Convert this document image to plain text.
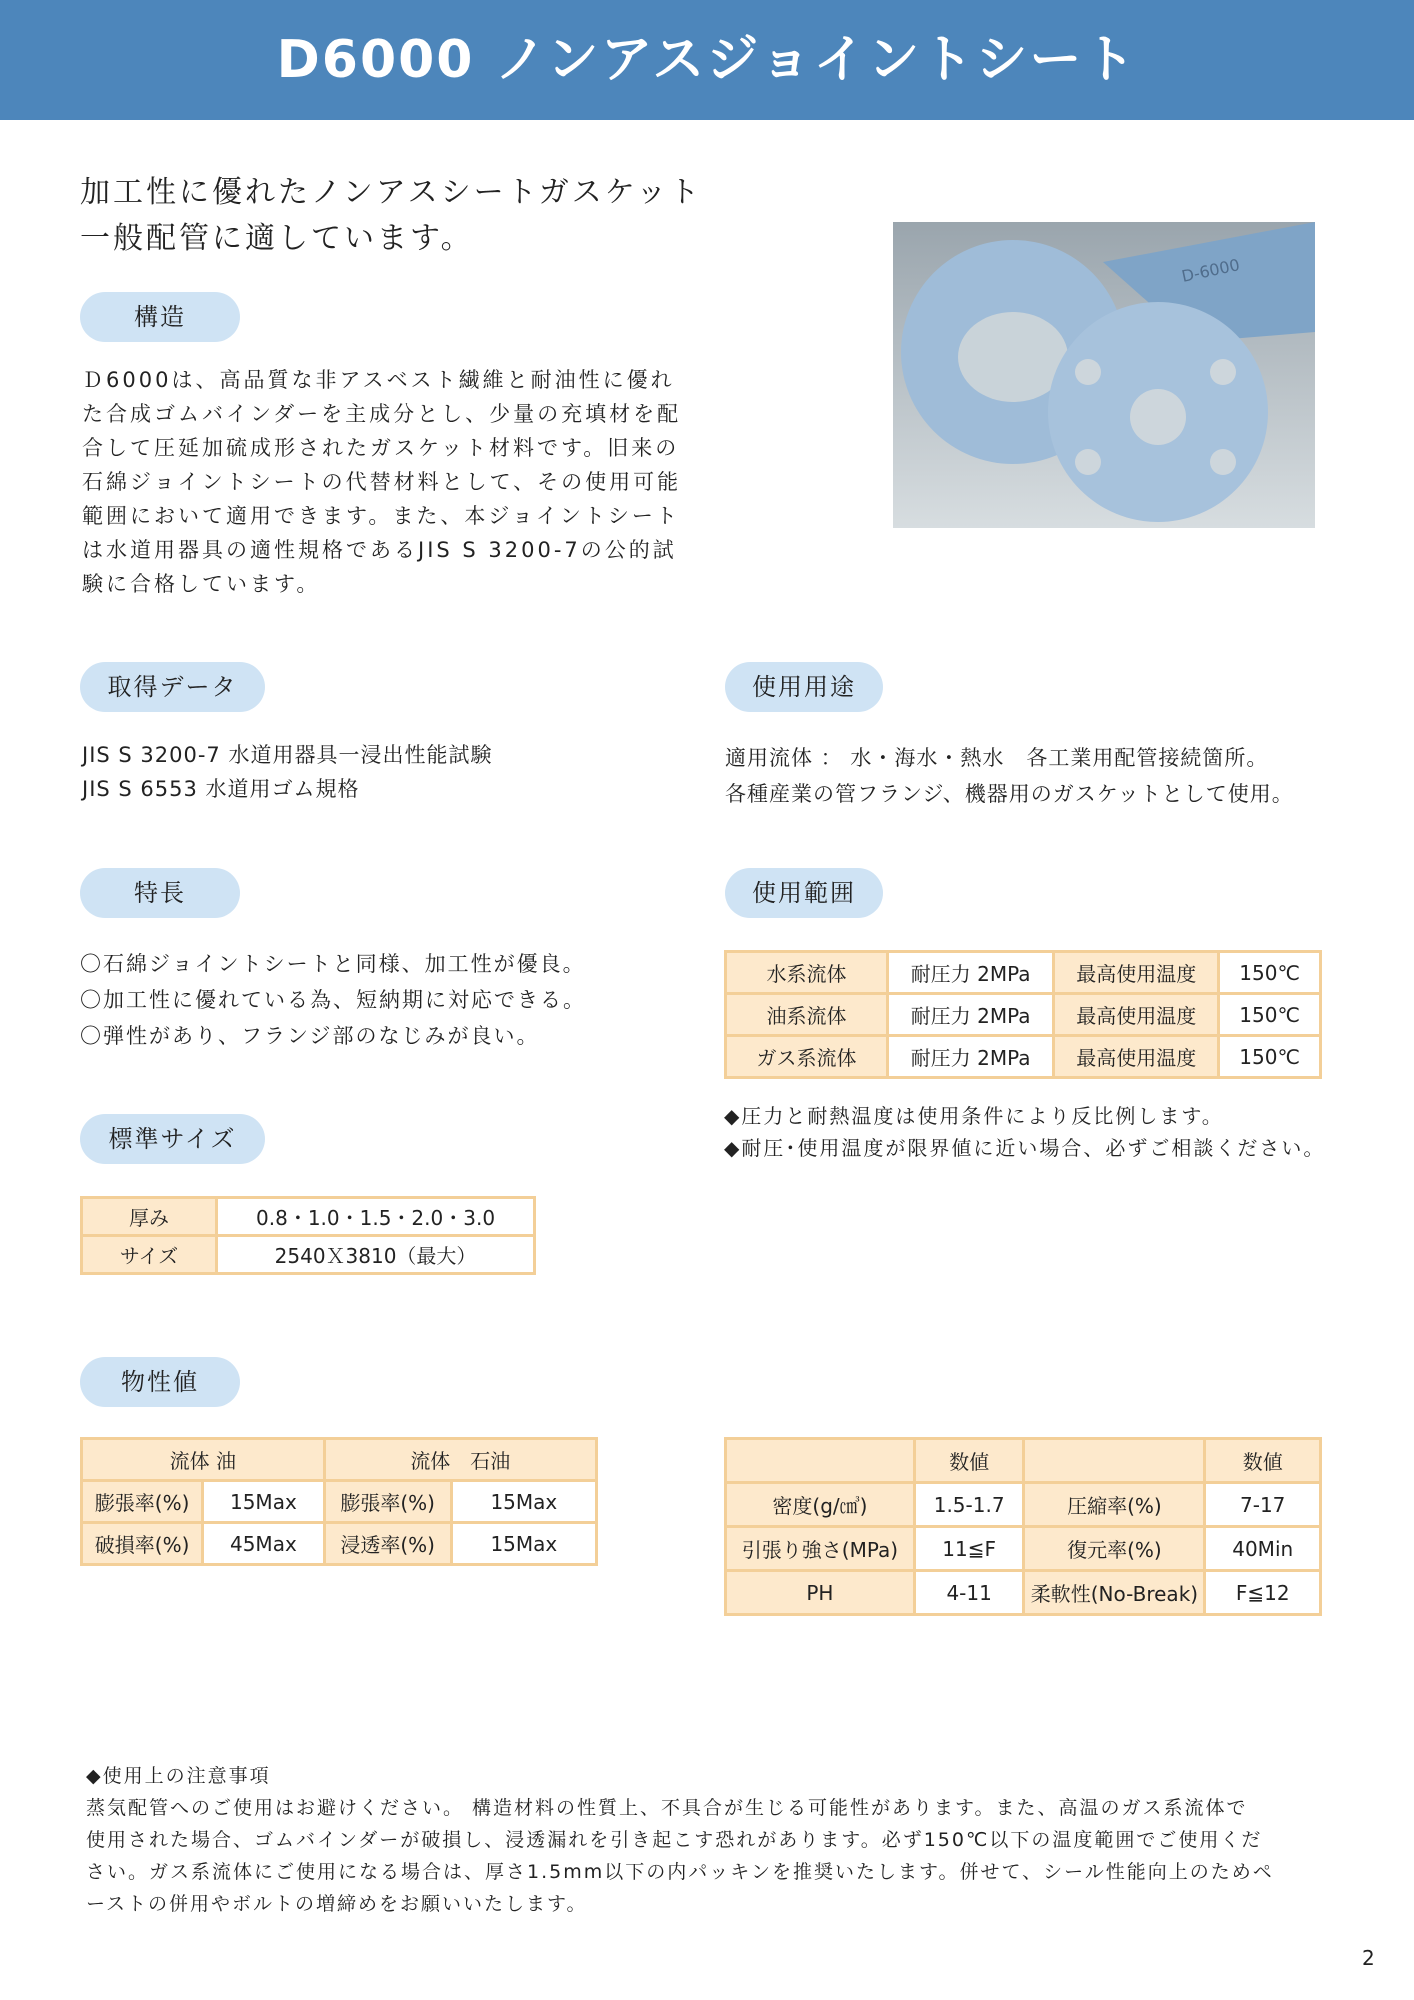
D6000 ノンアスジョイントシート
加工性に優れたノンアスシートガスケット
一般配管に適しています。
D-6000
構造
Ｄ6000は、高品質な非アスベスト繊維と耐油性に優れ
た合成ゴムバインダーを主成分とし、少量の充填材を配
合して圧延加硫成形されたガスケット材料です。旧来の
石綿ジョイントシートの代替材料として、その使用可能
範囲において適用できます。また、本ジョイントシート
は水道用器具の適性規格であるJIS S 3200-7の公的試
験に合格しています。
取得データ
JIS S 3200-7 水道用器具一浸出性能試験
JIS S 6553 水道用ゴム規格
使用用途
適用流体 ： 水・海水・熱水　各工業用配管接続箇所。
各種産業の管フランジ、機器用のガスケットとして使用。
特長
〇石綿ジョイントシートと同様、加工性が優良。
〇加工性に優れている為、短納期に対応できる。
〇弾性があり、フランジ部のなじみが良い。
使用範囲
水系流体	耐圧力 2MPa	最高使用温度	150℃
油系流体	耐圧力 2MPa	最高使用温度	150℃
ガス系流体	耐圧力 2MPa	最高使用温度	150℃
◆圧力と耐熱温度は使用条件により反比例します。
◆耐圧･使用温度が限界値に近い場合、必ずご相談ください。
標準サイズ
厚み	0.8・1.0・1.5・2.0・3.0
サイズ	2540Ｘ3810（最大）
物性値
流体 油		流体　石油	
膨張率(%)	15Max	膨張率(%)	15Max
破損率(%)	45Max	浸透率(%)	15Max
	数値		数値
密度(g/㎤)	1.5-1.7	圧縮率(%)	7-17
引張り強さ(MPa)	11≦F	復元率(%)	40Min
PH	4-11	柔軟性(No-Break)	F≦12
◆使用上の注意事項
蒸気配管へのご使用はお避けください。 構造材料の性質上、不具合が生じる可能性があります。また、高温のガス系流体で
使用された場合、ゴムバインダーが破損し、浸透漏れを引き起こす恐れがあります。必ず150℃以下の温度範囲でご使用くだ
さい。ガス系流体にご使用になる場合は、厚さ1.5mm以下の内パッキンを推奨いたします。併せて、シール性能向上のためペ
ーストの併用やボルトの増締めをお願いいたします。
2
